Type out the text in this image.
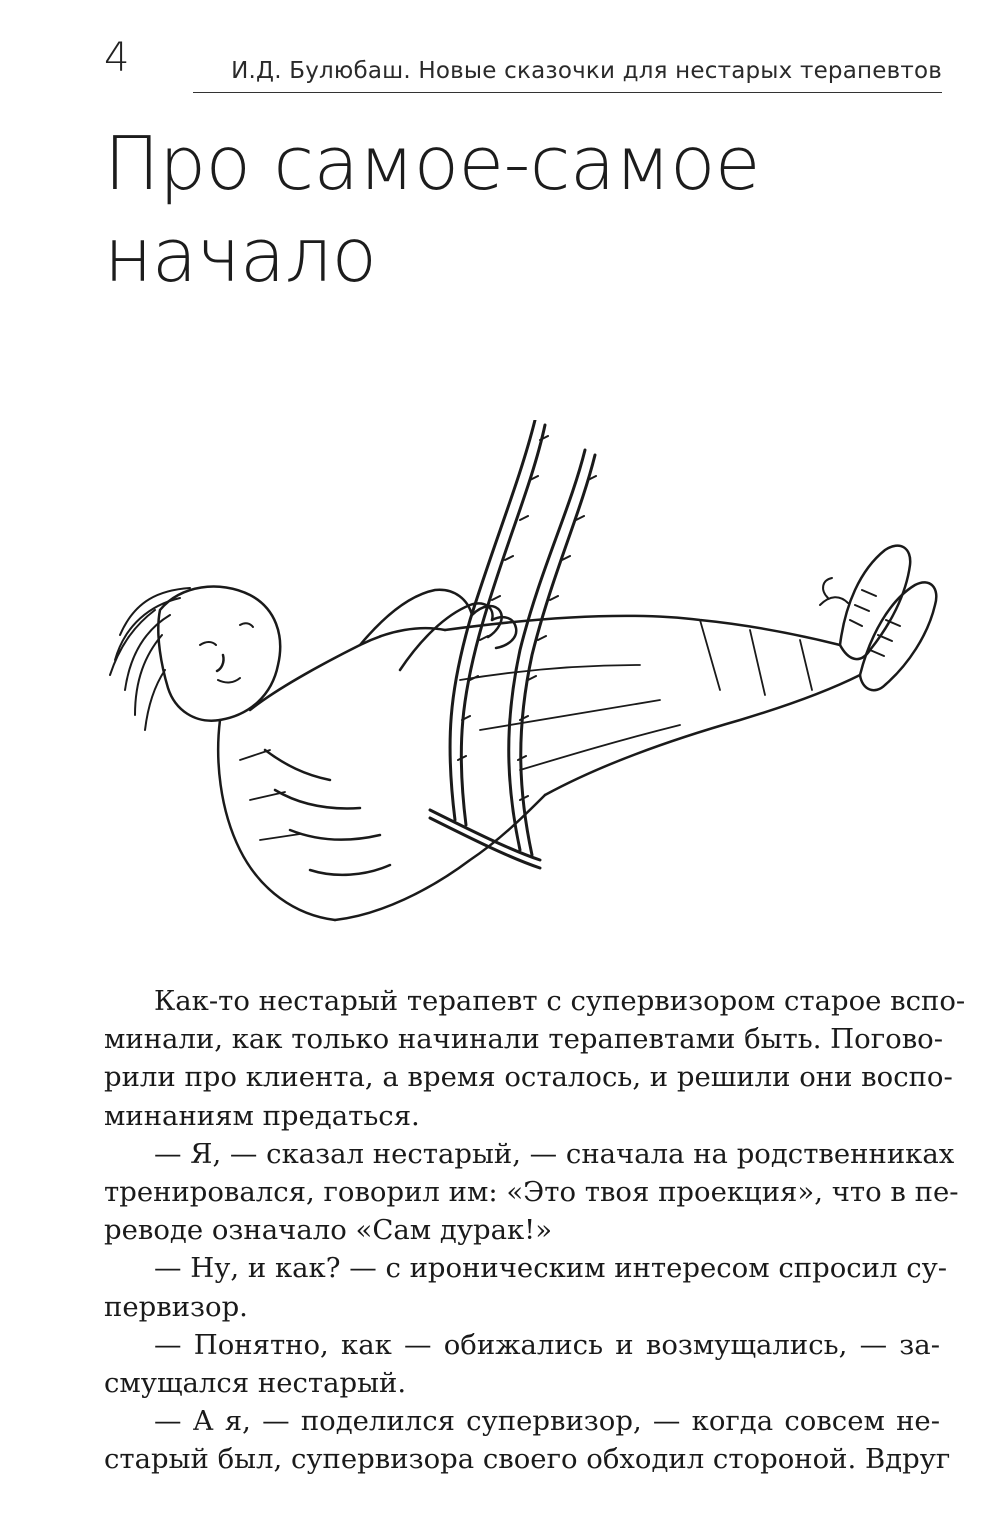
4	И.Д. Булюбаш. Новые сказочки для нестарых терапевтов
Про самое-самое
начало
Как-то нестарый терапевт с супервизором старое вспо-
минали, как только начинали терапевтами быть. Погово-
рили про клиента, а время осталось, и решили они воспо-
минаниям предаться.
— Я, — сказал нестарый, — сначала на родственниках
тренировался, говорил им: «Это твоя проекция», что в пе-
реводе означало «Сам дурак!»
— Ну, и как? — с ироническим интересом спросил су-
первизор.
— Понятно, как — обижались и возмущались, — за-
смущался нестарый.
— А я, — поделился супервизор, — когда совсем не-
старый был, супервизора своего обходил стороной. Вдруг
